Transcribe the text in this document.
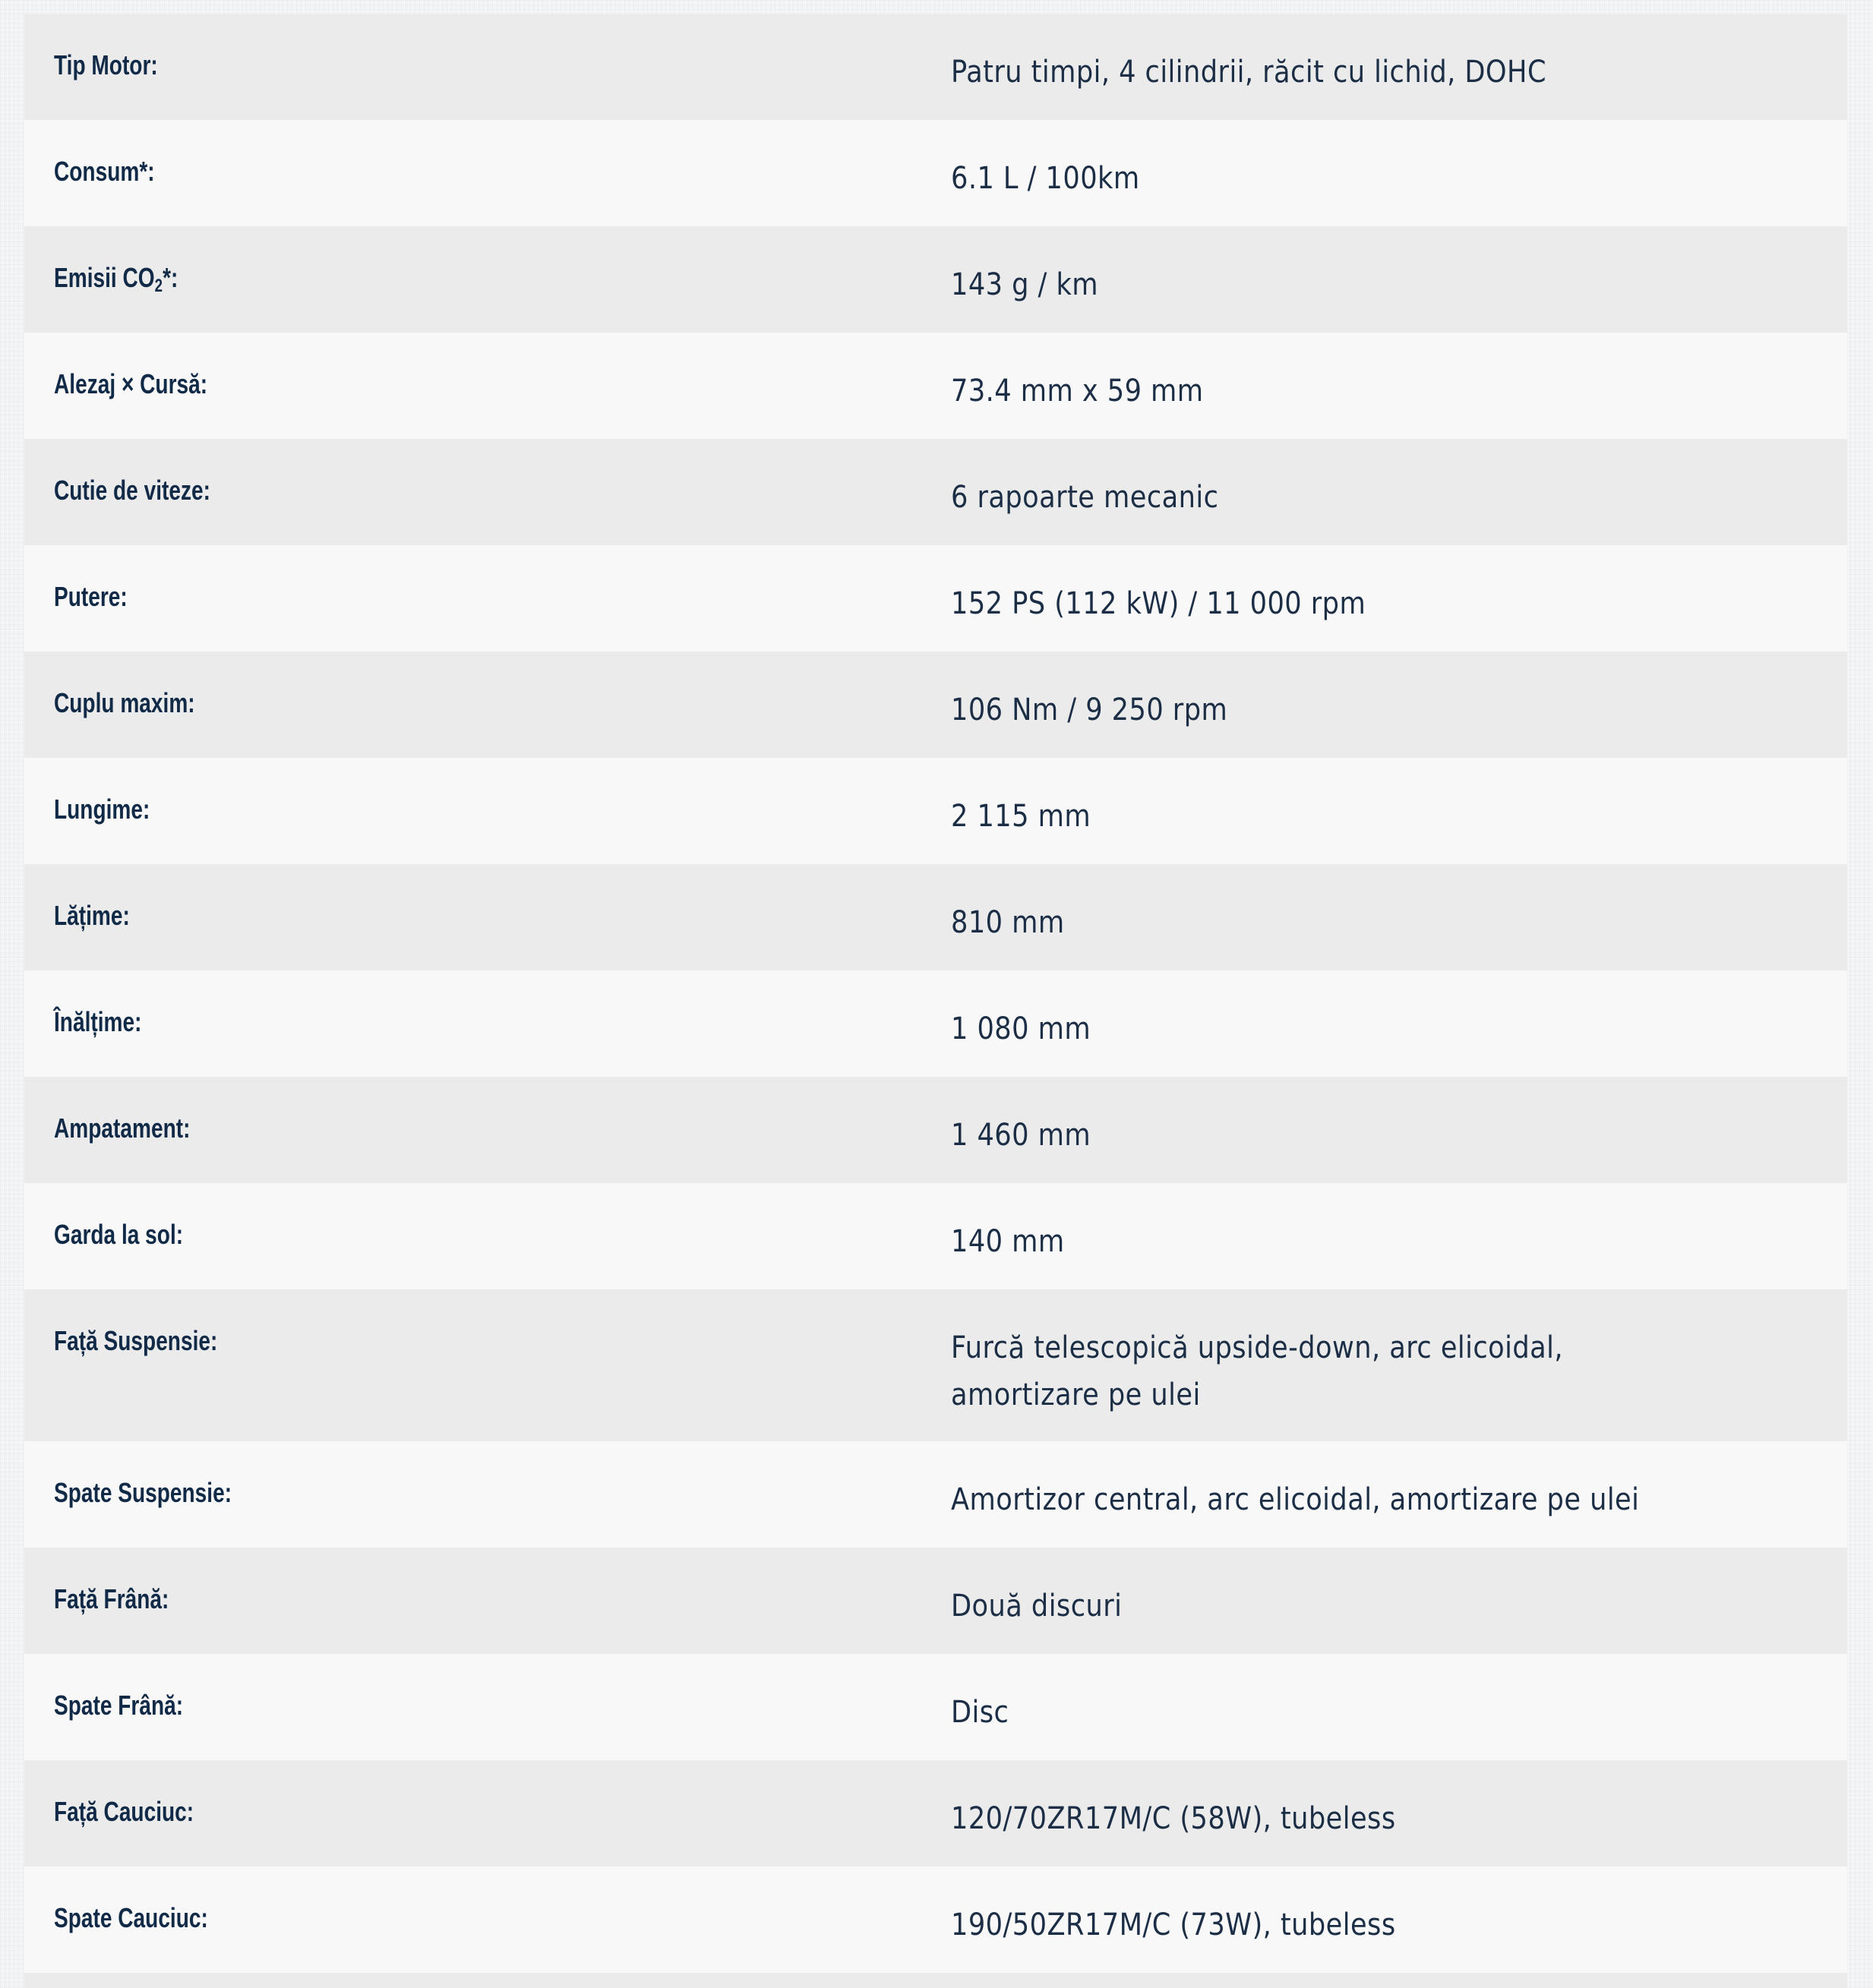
Tip Motor:	Patru timpi, 4 cilindrii, răcit cu lichid, DOHC
Consum*:	6.1 L / 100km
Emisii $CO_2*$:	143 g / km
Alezaj × Cursă:	73.4 mm x 59 mm
Cutie de viteze:	6 rapoarte mecanic
Putere:	152 PS (112 kW) / 11 000 rpm
Cuplu maxim:	106 Nm / 9 250 rpm
Lungime:	2 115 mm
Lățime:	810 mm
Înălțime:	1 080 mm
Ampatament:	1 460 mm
Garda la sol:	140 mm
Față Suspensie:	Furcă telescopică upside-down, arc elicoidal, amortizare pe ulei
Spate Suspensie:	Amortizor central, arc elicoidal, amortizare pe ulei
Față Frână:	Două discuri
Spate Frână:	Disc
Față Cauciuc:	120/70ZR17M/C (58W), tubeless
Spate Cauciuc:	190/50ZR17M/C (73W), tubeless
